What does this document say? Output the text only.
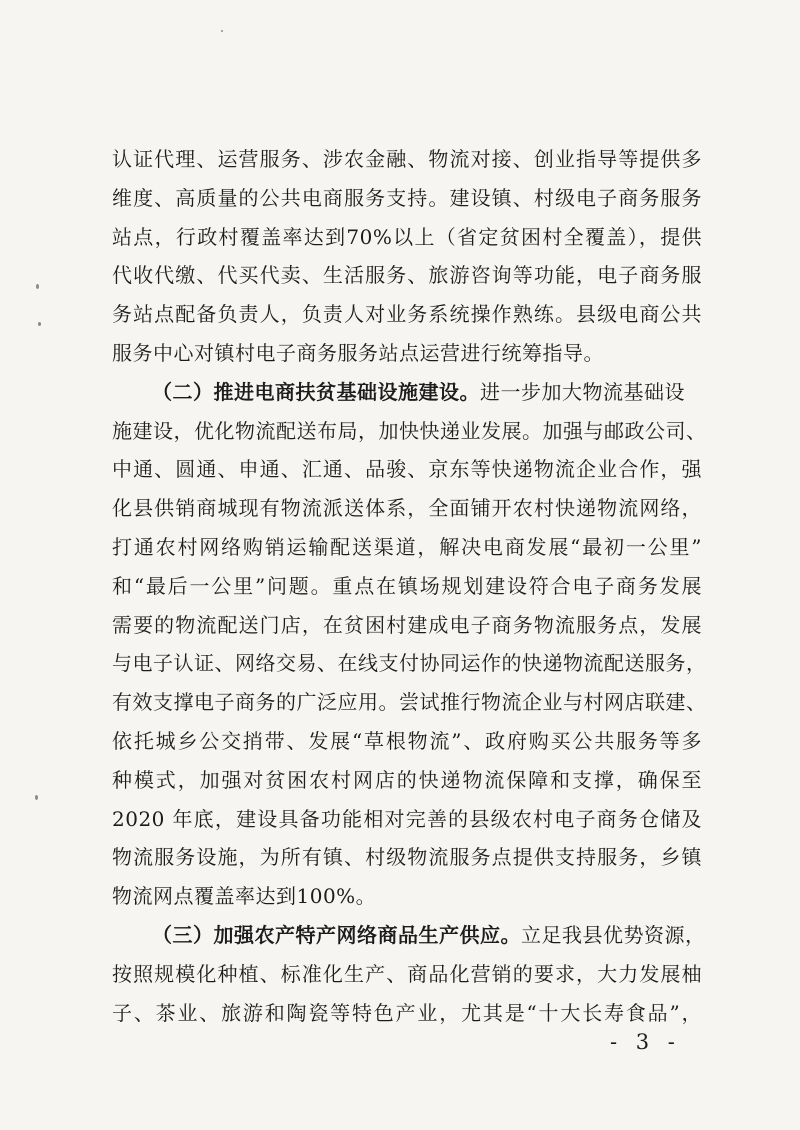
认证代理、运营服务、涉农金融、物流对接、创业指导等提供多
维度、高质量的公共电商服务支持。建设镇、村级电子商务服务
站点，行政村覆盖率达到70%以上（省定贫困村全覆盖），提供
代收代缴、代买代卖、生活服务、旅游咨询等功能，电子商务服
务站点配备负责人，负责人对业务系统操作熟练。县级电商公共
服务中心对镇村电子商务服务站点运营进行统筹指导。
（二）推进电商扶贫基础设施建设。进一步加大物流基础设
施建设，优化物流配送布局，加快快递业发展。加强与邮政公司、
中通、圆通、申通、汇通、品骏、京东等快递物流企业合作，强
化县供销商城现有物流派送体系，全面铺开农村快递物流网络，
打通农村网络购销运输配送渠道，解决电商发展“最初一公里”
和“最后一公里”问题。重点在镇场规划建设符合电子商务发展
需要的物流配送门店，在贫困村建成电子商务物流服务点，发展
与电子认证、网络交易、在线支付协同运作的快递物流配送服务，
有效支撑电子商务的广泛应用。尝试推行物流企业与村网店联建、
依托城乡公交捎带、发展“草根物流”、政府购买公共服务等多
种模式，加强对贫困农村网店的快递物流保障和支撑，确保至
2020 年底，建设具备功能相对完善的县级农村电子商务仓储及
物流服务设施，为所有镇、村级物流服务点提供支持服务，乡镇
物流网点覆盖率达到100%。
（三）加强农产特产网络商品生产供应。立足我县优势资源，
按照规模化种植、标准化生产、商品化营销的要求，大力发展柚
子、茶业、旅游和陶瓷等特色产业，尤其是“十大长寿食品”，
- 3 -
